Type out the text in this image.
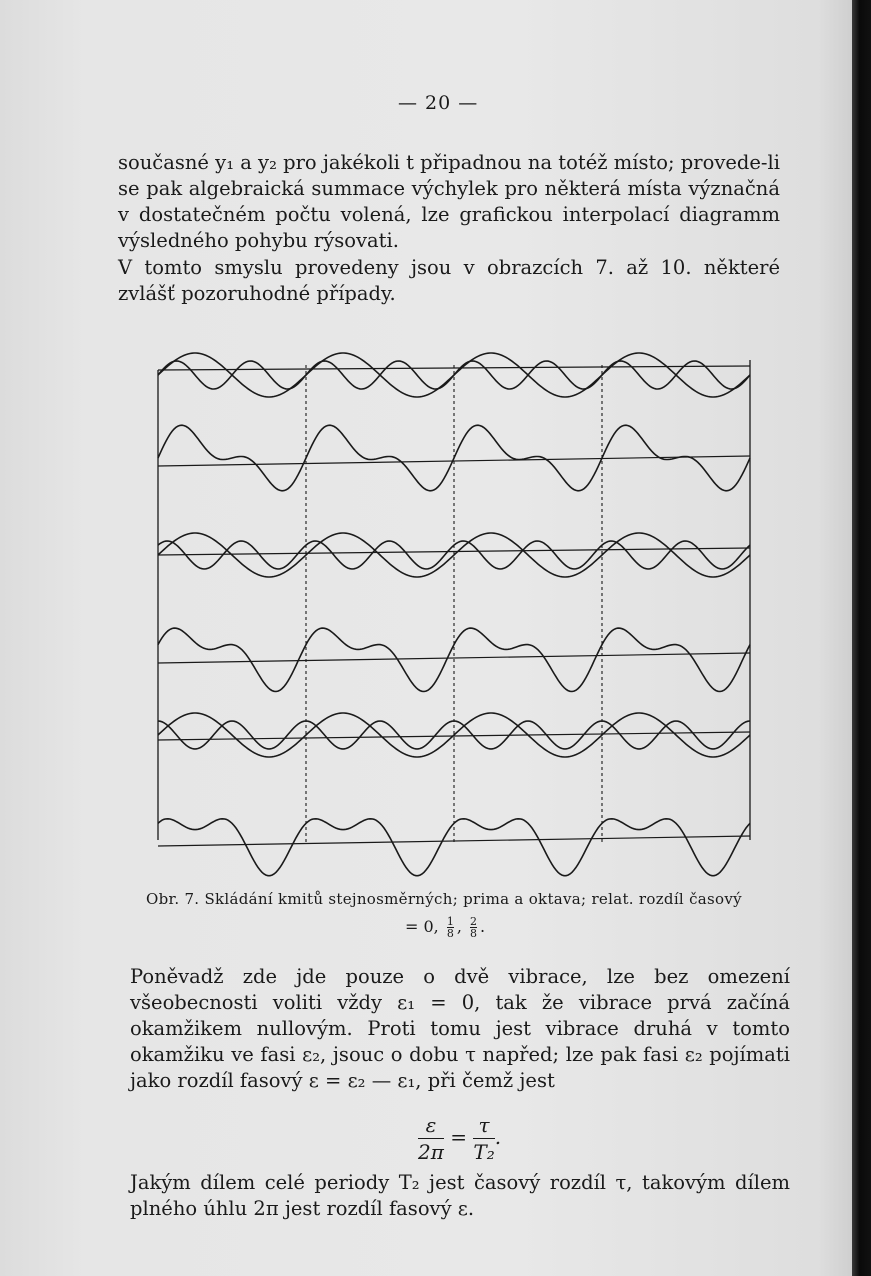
— 20 —

současné y₁ a y₂ pro jakékoli t připadnou na totéž místo; provede-li se pak algebraická summace výchylek pro některá místa význačná v dostatečném počtu volená, lze grafickou interpolací diagramm výsledného pohybu rýsovati.

V tomto smyslu provedeny jsou v obrazcích 7. až 10. některé zvlášť pozoruhodné případy.

Obr. 7. Skládání kmitů stejnosměrných; prima a oktava; relat. rozdíl časový
= 0, $\frac{1}{8}$ , $\frac{2}{8}$ .

Poněvadž zde jde pouze o dvě vibrace, lze bez omezení všeobecnosti voliti vždy ε₁ = 0, tak že vibrace prvá začíná okamžikem nullovým. Proti tomu jest vibrace druhá v tomto okamžiku ve fasi ε₂, jsouc o dobu τ napřed; lze pak fasi ε₂ pojímati jako rozdíl fasový ε = ε₂ — ε₁, při čemž jest

$\frac{\varepsilon}{2\pi} = \frac{\tau}{\text{T₂}}$ .

Jakým dílem celé periody T₂ jest časový rozdíl τ, takovým dílem plného úhlu 2π jest rozdíl fasový ε.
